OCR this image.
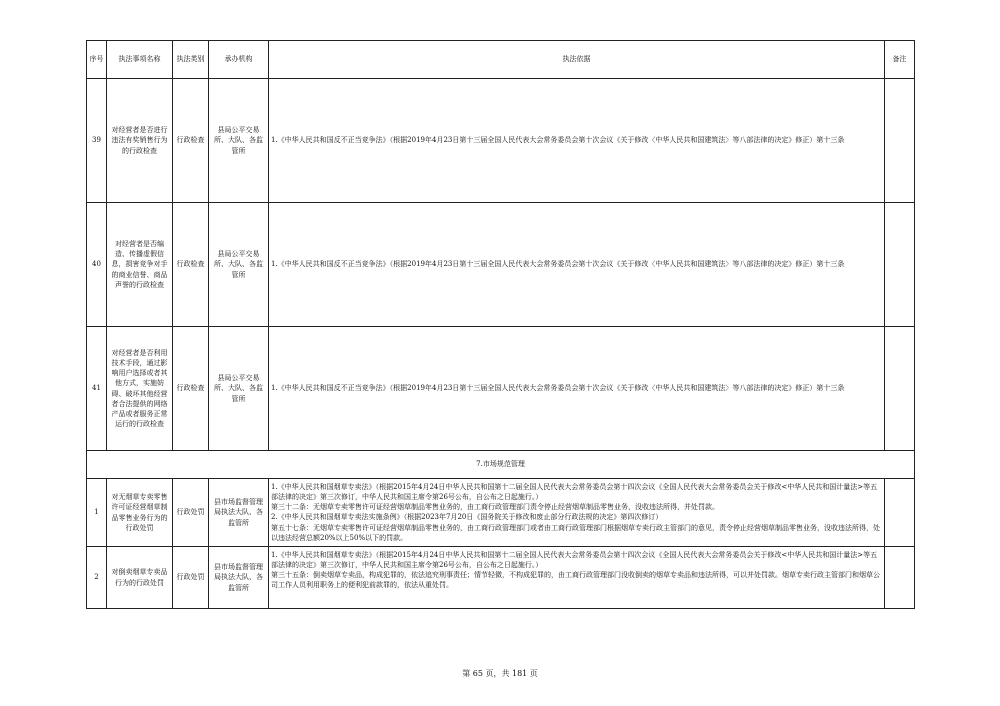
序号	执法事项名称	执法类别	承办机构	执法依据	备注
39	对经营者是否进行违法有奖销售行为的行政检查	行政检查	县局公平交易所、大队、各监管所	1.《中华人民共和国反不正当竞争法》（根据2019年4月23日第十三届全国人民代表大会常务委员会第十次会议《关于修改〈中华人民共和国建筑法〉等八部法律的决定》修正）第十三条	

40	对经营者是否编造、传播虚假信息，损害竞争对手的商业信誉、商品声誉的行政检查	行政检查	县局公平交易所、大队、各监管所	1.《中华人民共和国反不正当竞争法》（根据2019年4月23日第十三届全国人民代表大会常务委员会第十次会议《关于修改〈中华人民共和国建筑法〉等八部法律的决定》修正）第十三条	

41	对经营者是否利用技术手段，通过影响用户选择或者其他方式，实施妨碍、破坏其他经营者合法提供的网络产品或者服务正常运行的行政检查	行政检查	县局公平交易所、大队、各监管所	1.《中华人民共和国反不正当竞争法》（根据2019年4月23日第十三届全国人民代表大会常务委员会第十次会议《关于修改〈中华人民共和国建筑法〉等八部法律的决定》修正）第十三条	

7.市场规范管理					
1	对无烟草专卖零售许可证经营烟草制品零售业务行为的行政处罚	行政处罚	县市场监督管理局执法大队、各监管所	1.《中华人民共和国烟草专卖法》（根据2015年4月24日中华人民共和国第十二届全国人民代表大会常务委员会第十四次会议《全国人民代表大会常务委员会关于修改<中华人民共和国计量法>等五部法律的决定》第三次修订，中华人民共和国主席令第26号公布，自公布之日起施行。）

第三十二条：无烟草专卖零售许可证经营烟草制品零售业务的，由工商行政管理部门责令停止经营烟草制品零售业务，没收违法所得，并处罚款。

2.《中华人民共和国烟草专卖法实施条例》（根据2023年7月20日《国务院关于修改和废止部分行政法规的决定》第四次修订）

第五十七条：无烟草专卖零售许可证经营烟草制品零售业务的，由工商行政管理部门或者由工商行政管理部门根据烟草专卖行政主管部门的意见，责令停止经营烟草制品零售业务，没收违法所得，处以违法经营总额20%以上50%以下的罚款。	

2	对倒卖烟草专卖品行为的行政处罚	行政处罚	县市场监督管理局执法大队、各监管所	1.《中华人民共和国烟草专卖法》（根据2015年4月24日中华人民共和国第十二届全国人民代表大会常务委员会第十四次会议《全国人民代表大会常务委员会关于修改<中华人民共和国计量法>等五部法律的决定》第三次修订，中华人民共和国主席令第26号公布，自公布之日起施行。）

第三十五条：倒卖烟草专卖品，构成犯罪的，依法追究刑事责任；情节轻微，不构成犯罪的，由工商行政管理部门没收倒卖的烟草专卖品和违法所得，可以并处罚款。烟草专卖行政主管部门和烟草公司工作人员利用职务上的便利犯前款罪的，依法从重处罚。	

第 65 页，共 181 页
